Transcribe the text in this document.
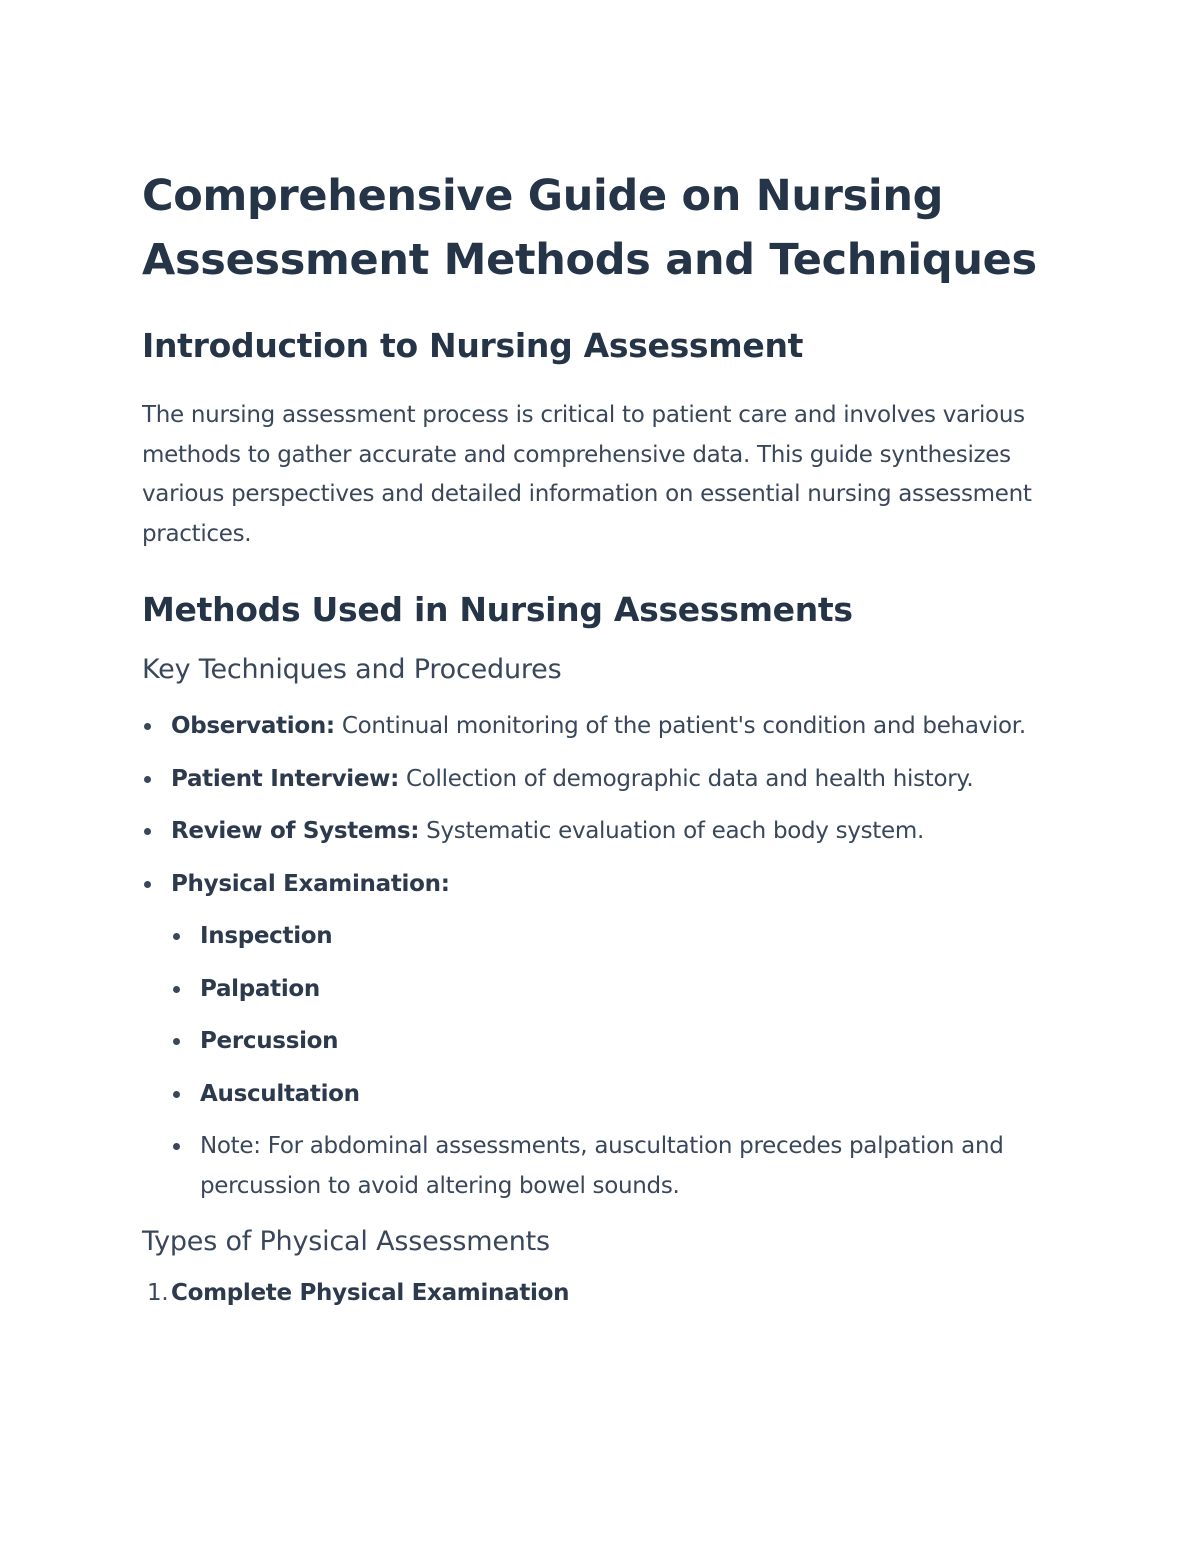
Comprehensive Guide on Nursing Assessment Methods and Techniques
Introduction to Nursing Assessment

The nursing assessment process is critical to patient care and involves various methods to gather accurate and comprehensive data. This guide synthesizes various perspectives and detailed information on essential nursing assessment practices.

Methods Used in Nursing Assessments
Key Techniques and Procedures
Observation: Continual monitoring of the patient's condition and behavior.
Patient Interview: Collection of demographic data and health history.
Review of Systems: Systematic evaluation of each body system.
Physical Examination:
Inspection
Palpation
Percussion
Auscultation
Note: For abdominal assessments, auscultation precedes palpation and percussion to avoid altering bowel sounds.
Types of Physical Assessments
1. Complete Physical Examination
